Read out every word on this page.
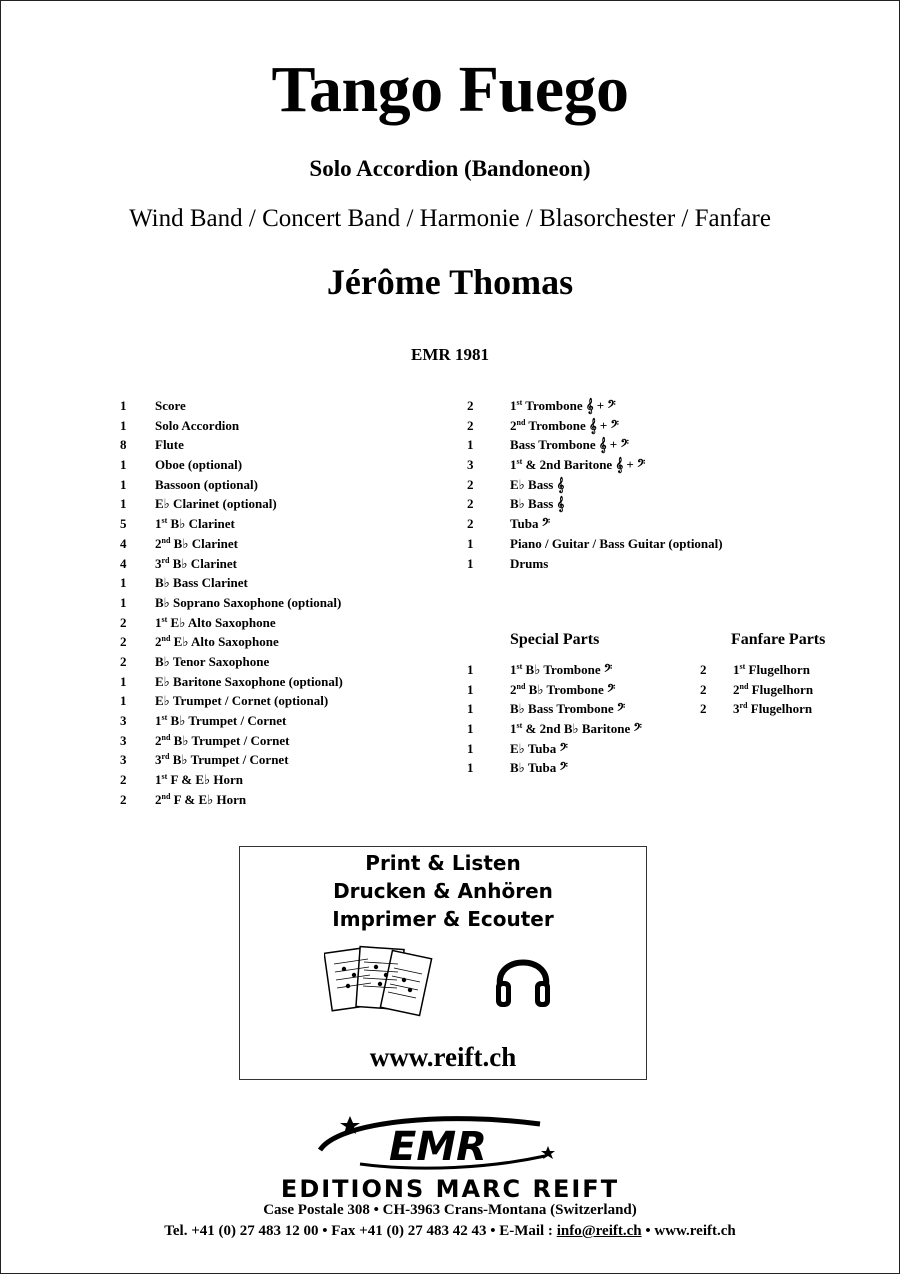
Tango Fuego
Solo Accordion (Bandoneon)
Wind Band / Concert Band / Harmonie / Blasorchester / Fanfare
Jérôme Thomas
EMR 1981
1 Score
1 Solo Accordion
8 Flute
1 Oboe (optional)
1 Bassoon (optional)
1 E♭ Clarinet (optional)
5 1st B♭ Clarinet
4 2nd B♭ Clarinet
4 3rd B♭ Clarinet
1 B♭ Bass Clarinet
1 B♭ Soprano Saxophone (optional)
2 1st E♭ Alto Saxophone
2 2nd E♭ Alto Saxophone
2 B♭ Tenor Saxophone
1 E♭ Baritone Saxophone (optional)
1 E♭ Trumpet / Cornet (optional)
3 1st B♭ Trumpet / Cornet
3 2nd B♭ Trumpet / Cornet
3 3rd B♭ Trumpet / Cornet
2 1st F & E♭ Horn
2 2nd F & E♭ Horn
2	1st Trombone 𝄞 + 𝄢
2	2nd Trombone 𝄞 + 𝄢
1	Bass Trombone 𝄞 + 𝄢
3	1st & 2nd Baritone 𝄞 + 𝄢
2	E♭ Bass 𝄞
2	B♭ Bass 𝄞
2	Tuba 𝄢
1	Piano / Guitar / Bass Guitar (optional)
1	Drums
Special Parts	Fanfare Parts
1	1st B♭ Trombone 𝄢
1	2nd B♭ Trombone 𝄢
1	B♭ Bass Trombone 𝄢
1	1st & 2nd B♭ Baritone 𝄢
1	E♭ Tuba 𝄢
1	B♭ Tuba 𝄢
2 1st Flugelhorn
2 2nd Flugelhorn
2 3rd Flugelhorn
Print & Listen
Drucken & Anhören
Imprimer & Ecouter
www.reift.ch
EMR
EDITIONS MARC REIFT
Case Postale 308 • CH-3963 Crans-Montana (Switzerland)
Tel. +41 (0) 27 483 12 00 • Fax +41 (0) 27 483 42 43 • E-Mail : info@reift.ch • www.reift.ch
